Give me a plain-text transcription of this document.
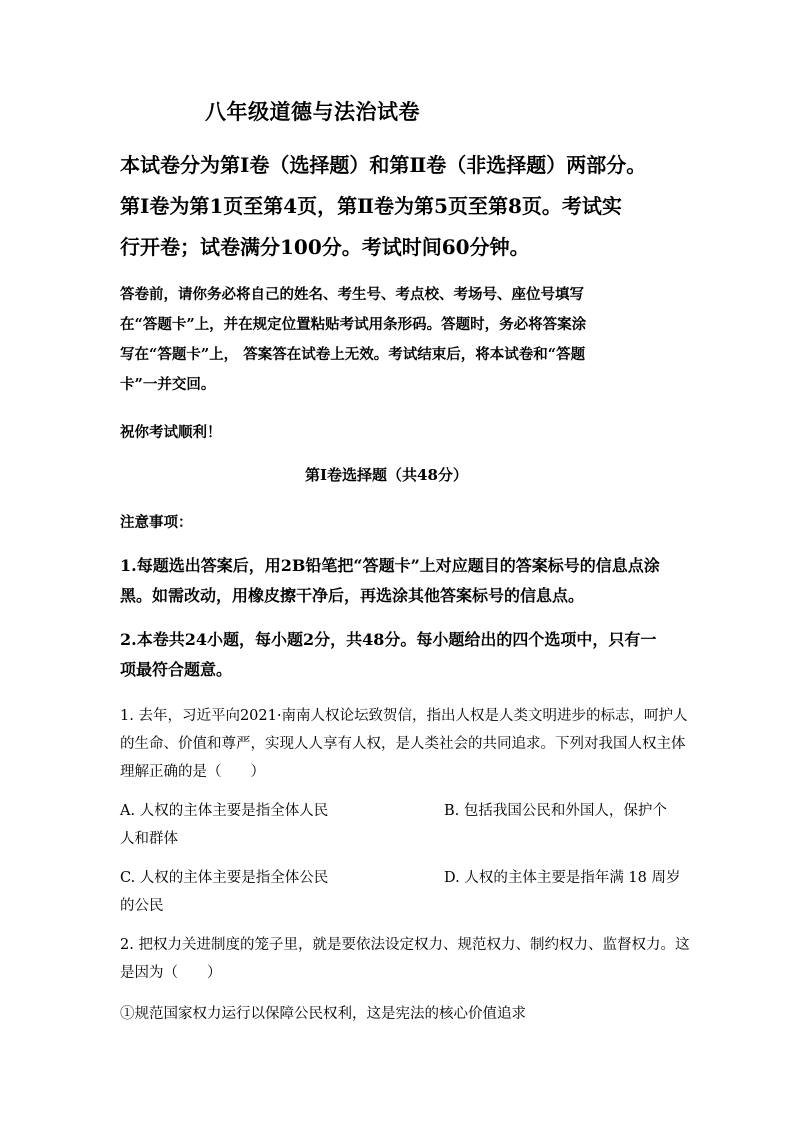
八年级道德与法治试卷
本试卷分为第Ⅰ卷（选择题）和第Ⅱ卷（非选择题）两部分。
第Ⅰ卷为第1页至第4页，第Ⅱ卷为第5页至第8页。考试实
行开卷；试卷满分100分。考试时间60分钟。
答卷前，请你务必将自己的姓名、考生号、考点校、考场号、座位号填写
在“答题卡”上，并在规定位置粘贴考试用条形码。答题时，务必将答案涂
写在“答题卡”上， 答案答在试卷上无效。考试结束后，将本试卷和“答题
卡”一并交回。
祝你考试顺利！
第Ⅰ卷选择题（共48分）
注意事项：
1.每题选出答案后，用2B铅笔把“答题卡”上对应题目的答案标号的信息点涂
黑。如需改动，用橡皮擦干净后，再选涂其他答案标号的信息点。
2.本卷共24小题，每小题2分，共48分。每小题给出的四个选项中，只有一
项最符合题意。
1. 去年，习近平向2021·南南人权论坛致贺信，指出人权是人类文明进步的标志，呵护人
的生命、价值和尊严，实现人人享有人权，是人类社会的共同追求。下列对我国人权主体
理解正确的是（　　）
A. 人权的主体主要是指全体人民	B. 包括我国公民和外国人，保护个
人和群体
C. 人权的主体主要是指全体公民	D. 人权的主体主要是指年满 18 周岁
的公民
2. 把权力关进制度的笼子里，就是要依法设定权力、规范权力、制约权力、监督权力。这
是因为（　　）
①规范国家权力运行以保障公民权利，这是宪法的核心价值追求
